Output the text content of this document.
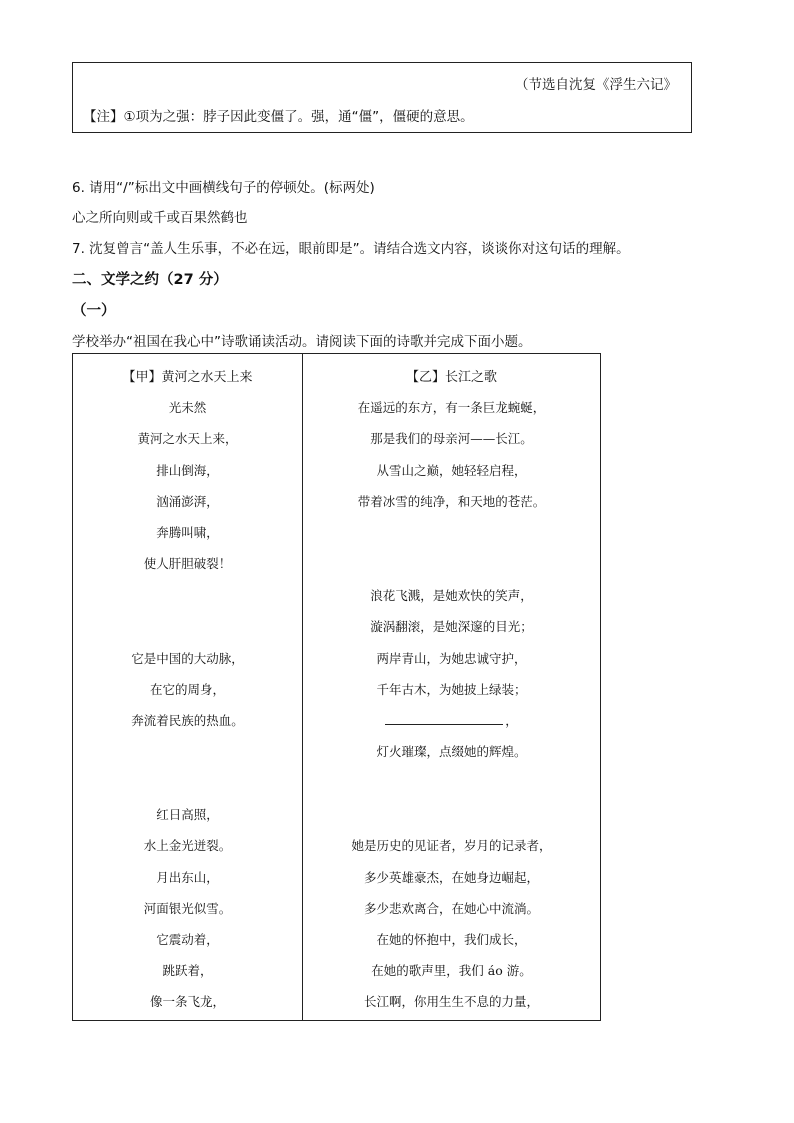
（节选自沈复《浮生六记》
【注】①项为之强：脖子因此变僵了。强，通“僵”，僵硬的意思。
6. 请用“/”标出文中画横线句子的停顿处。(标两处)
心之所向则或千或百果然鹤也
7. 沈复曾言“盖人生乐事，不必在远，眼前即是”。请结合选文内容，谈谈你对这句话的理解。
二、文学之约（27 分）
（一）
学校举办“祖国在我心中”诗歌诵读活动。请阅读下面的诗歌并完成下面小题。
【甲】黄河之水天上来
光未然
黄河之水天上来，
排山倒海，
汹涌澎湃，
奔腾叫啸，
使人肝胆破裂！
它是中国的大动脉，
在它的周身，
奔流着民族的热血。
红日高照，
水上金光迸裂。
月出东山，
河面银光似雪。
它震动着，
跳跃着，
像一条飞龙，
【乙】长江之歌
在遥远的东方，有一条巨龙蜿蜒，
那是我们的母亲河——长江。
从雪山之巅，她轻轻启程，
带着冰雪的纯净，和天地的苍茫。
浪花飞溅，是她欢快的笑声，
漩涡翻滚，是她深邃的目光；
两岸青山，为她忠诚守护，
千年古木，为她披上绿装；
，
灯火璀璨，点缀她的辉煌。
她是历史的见证者，岁月的记录者，
多少英雄豪杰，在她身边崛起，
多少悲欢离合，在她心中流淌。
在她的怀抱中，我们成长，
在她的歌声里，我们 áo 游。
长江啊，你用生生不息的力量，
